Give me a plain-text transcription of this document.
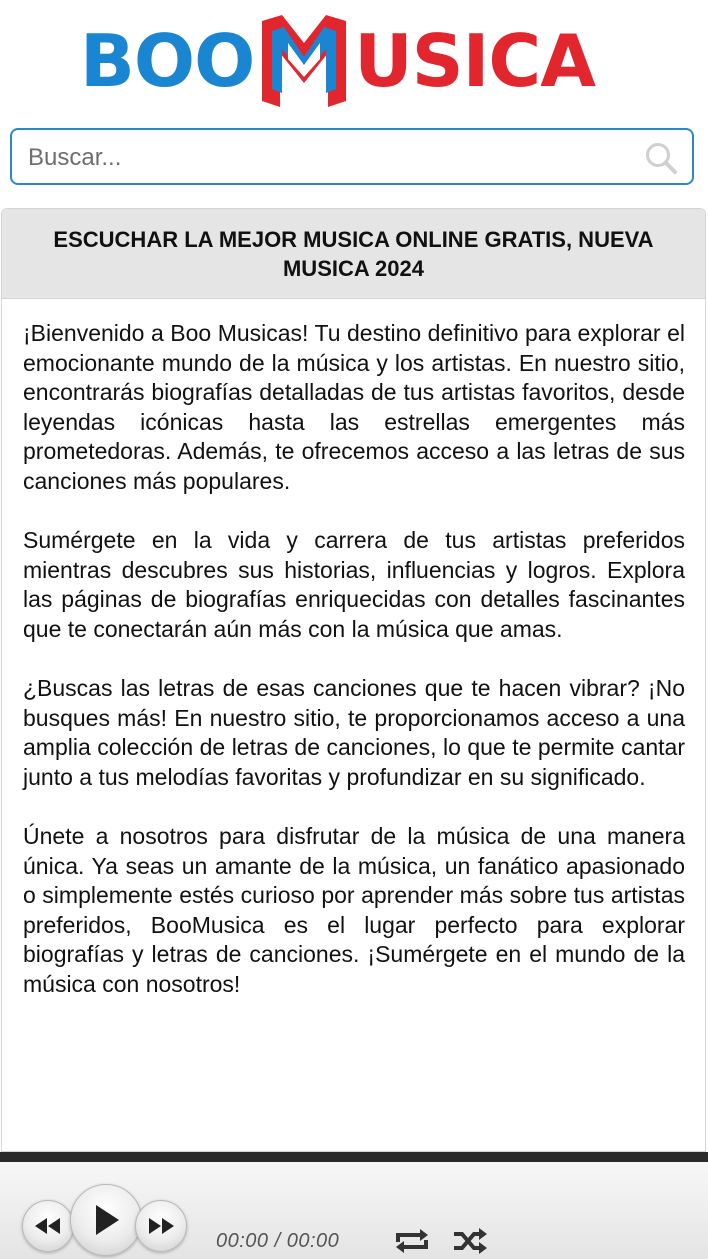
BOO USICA
Buscar...
ESCUCHAR LA MEJOR MUSICA ONLINE GRATIS, NUEVA MUSICA 2024

¡Bienvenido a Boo Musicas! Tu destino definitivo para explorar el emocionante mundo de la música y los artistas. En nuestro sitio, encontrarás biografías detalladas de tus artistas favoritos, desde leyendas icónicas hasta las estrellas emergentes más prometedoras. Además, te ofrecemos acceso a las letras de sus canciones más populares.

Sumérgete en la vida y carrera de tus artistas preferidos mientras descubres sus historias, influencias y logros. Explora las páginas de biografías enriquecidas con detalles fascinantes que te conectarán aún más con la música que amas.

¿Buscas las letras de esas canciones que te hacen vibrar? ¡No busques más! En nuestro sitio, te proporcionamos acceso a una amplia colección de letras de canciones, lo que te permite cantar junto a tus melodías favoritas y profundizar en su significado.

Únete a nosotros para disfrutar de la música de una manera única. Ya seas un amante de la música, un fanático apasionado o simplemente estés curioso por aprender más sobre tus artistas preferidos, BooMusica es el lugar perfecto para explorar biografías y letras de canciones. ¡Sumérgete en el mundo de la música con nosotros!

00:00 / 00:00
